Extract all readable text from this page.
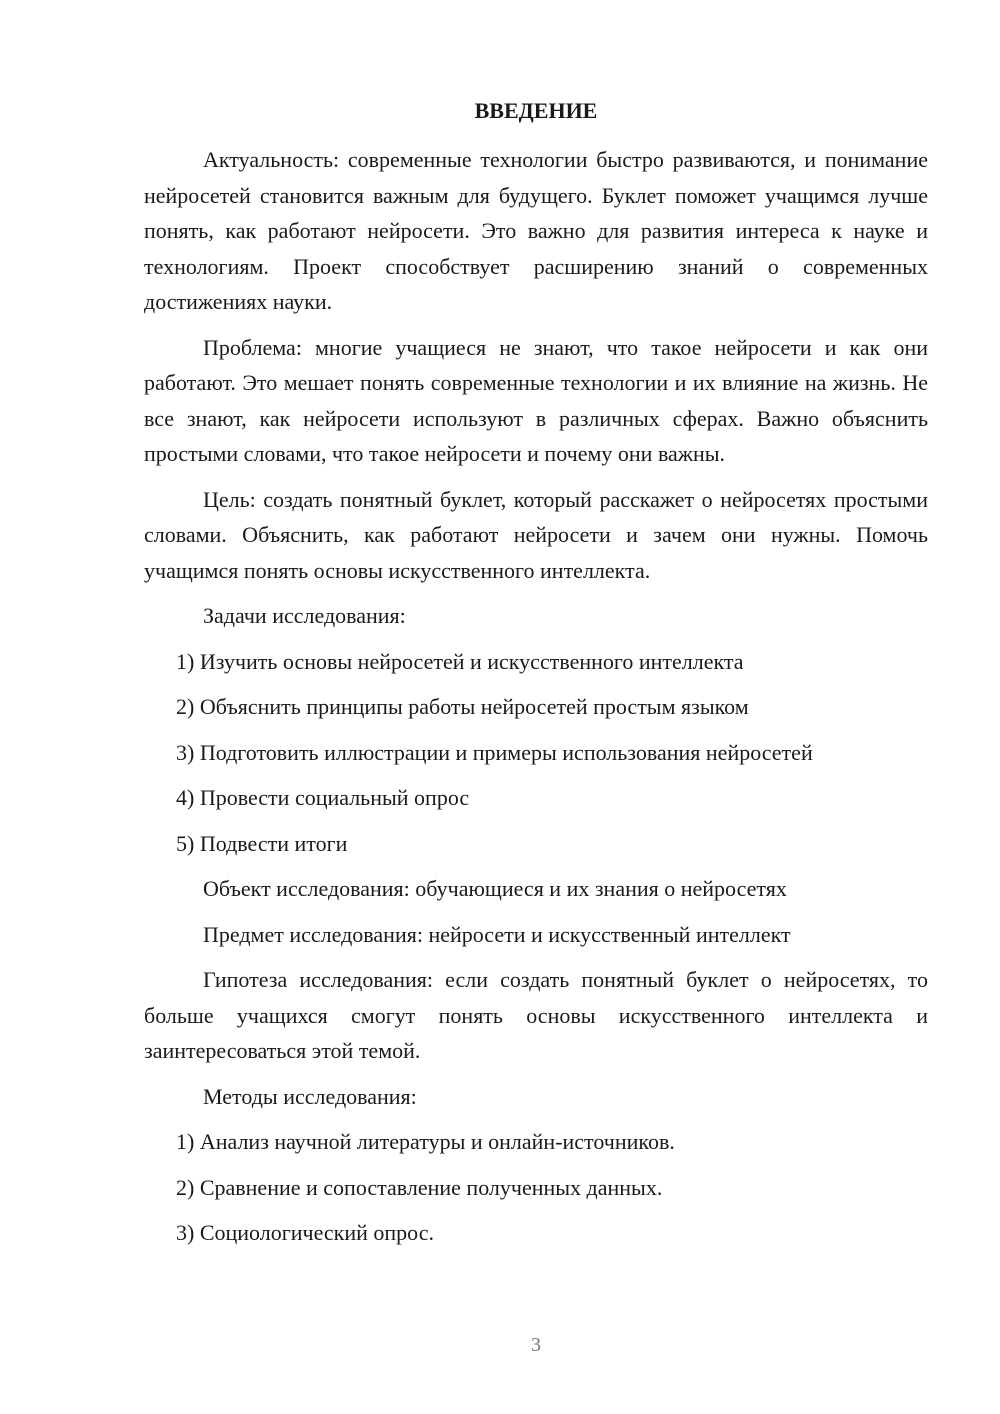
ВВЕДЕНИЕ

Актуальность: современные технологии быстро развиваются, и понимание нейросетей становится важным для будущего. Буклет поможет учащимся лучше понять, как работают нейросети. Это важно для развития интереса к науке и технологиям. Проект способствует расширению знаний о современных достижениях науки.

Проблема: многие учащиеся не знают, что такое нейросети и как они работают. Это мешает понять современные технологии и их влияние на жизнь. Не все знают, как нейросети используют в различных сферах. Важно объяснить простыми словами, что такое нейросети и почему они важны.

Цель: создать понятный буклет, который расскажет о нейросетях простыми словами. Объяснить, как работают нейросети и зачем они нужны. Помочь учащимся понять основы искусственного интеллекта.

Задачи исследования:

1) Изучить основы нейросетей и искусственного интеллекта

2) Объяснить принципы работы нейросетей простым языком

3) Подготовить иллюстрации и примеры использования нейросетей

4) Провести социальный опрос

5) Подвести итоги

Объект исследования: обучающиеся и их знания о нейросетях

Предмет исследования: нейросети и искусственный интеллект

Гипотеза исследования: если создать понятный буклет о нейросетях, то больше учащихся смогут понять основы искусственного интеллекта и заинтересоваться этой темой.

Методы исследования:

1) Анализ научной литературы и онлайн-источников.

2) Сравнение и сопоставление полученных данных.

3) Социологический опрос.

3
